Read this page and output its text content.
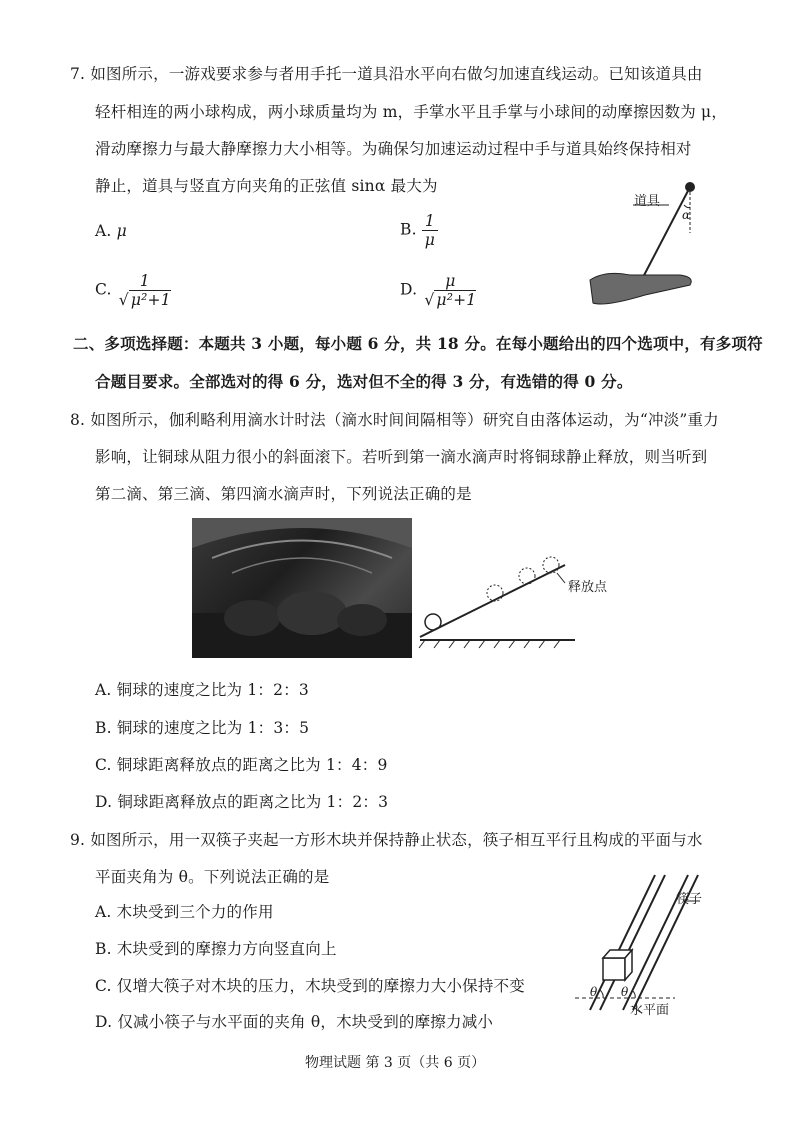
7. 如图所示，一游戏要求参与者用手托一道具沿水平向右做匀加速直线运动。已知该道具由
轻杆相连的两小球构成，两小球质量均为 m，手掌水平且手掌与小球间的动摩擦因数为 μ，
滑动摩擦力与最大静摩擦力大小相等。为确保匀加速运动过程中手与道具始终保持相对
静止，道具与竖直方向夹角的正弦值 sinα 最大为
A. μ	B. $\frac{1}{\mu}$
C. $\frac{1}{\text{√ μ²+1}}$	D. $\frac{\mu}{\text{√ μ²+1}}$
道具
α
二、多项选择题：本题共 3 小题，每小题 6 分，共 18 分。在每小题给出的四个选项中，有多项符
合题目要求。全部选对的得 6 分，选对但不全的得 3 分，有选错的得 0 分。
8. 如图所示，伽利略利用滴水计时法（滴水时间间隔相等）研究自由落体运动，为“冲淡”重力
影响，让铜球从阻力很小的斜面滚下。若听到第一滴水滴声时将铜球静止释放，则当听到
第二滴、第三滴、第四滴水滴声时，下列说法正确的是
释放点
A. 铜球的速度之比为 1：2：3
B. 铜球的速度之比为 1：3：5
C. 铜球距离释放点的距离之比为 1：4：9
D. 铜球距离释放点的距离之比为 1：2：3
9. 如图所示，用一双筷子夹起一方形木块并保持静止状态，筷子相互平行且构成的平面与水
平面夹角为 θ。下列说法正确的是
A. 木块受到三个力的作用
B. 木块受到的摩擦力方向竖直向上
C. 仅增大筷子对木块的压力，木块受到的摩擦力大小保持不变
D. 仅减小筷子与水平面的夹角 θ，木块受到的摩擦力减小
筷子
水平面
θ θ
物理试题 第 3 页（共 6 页）
